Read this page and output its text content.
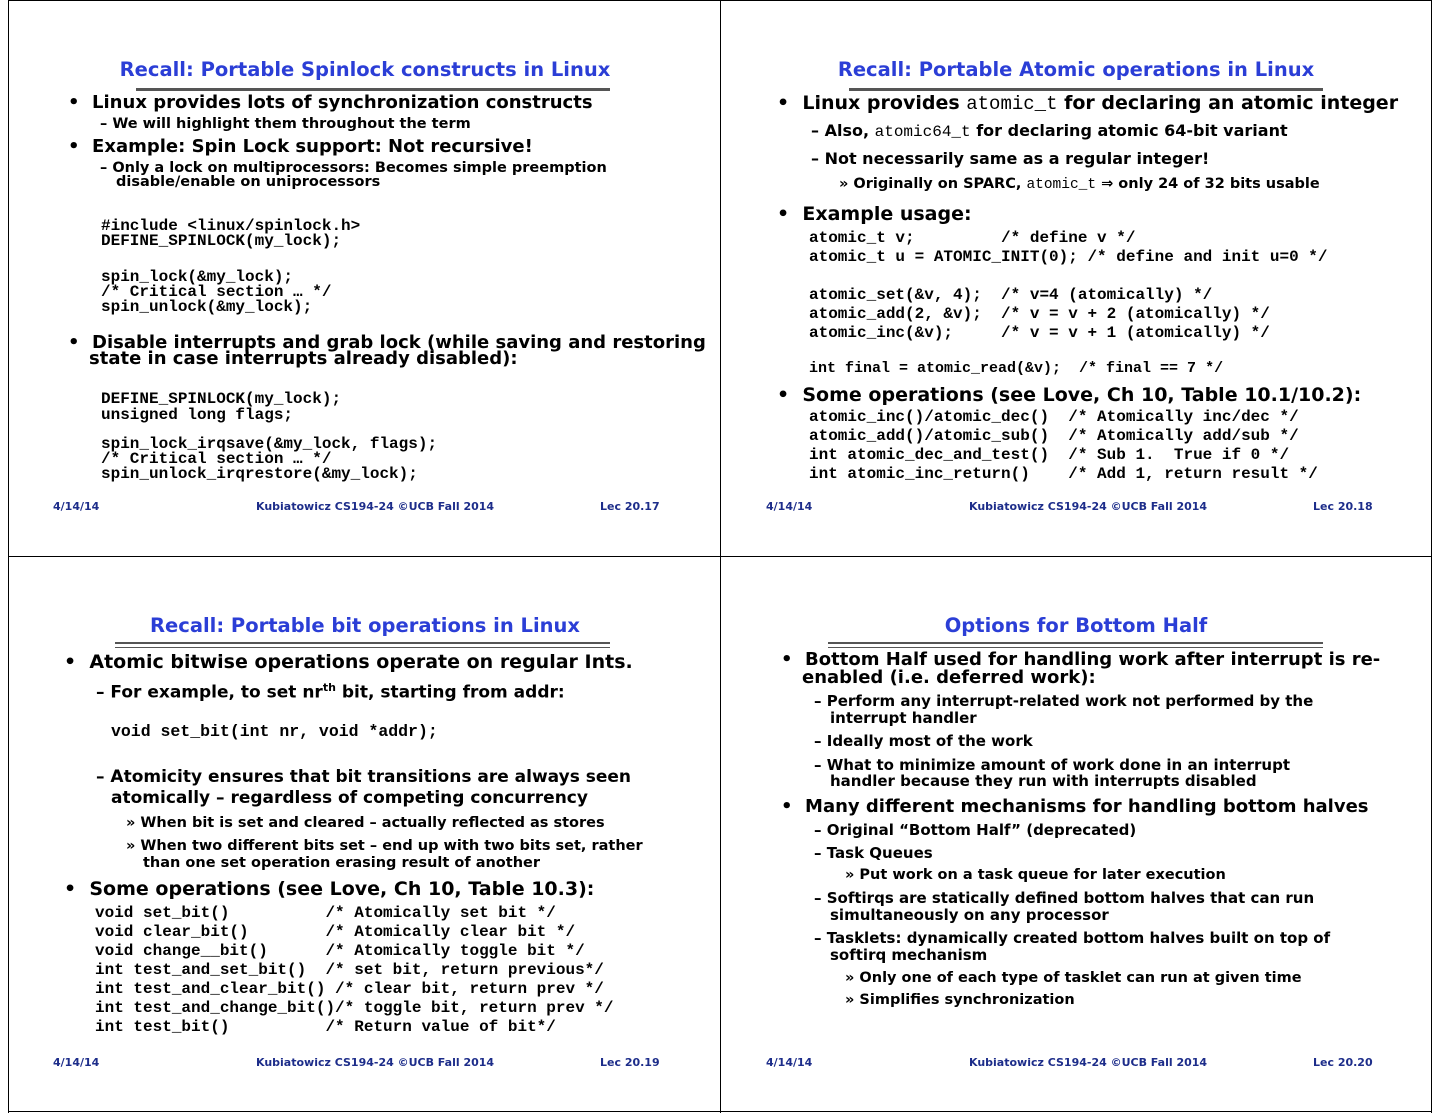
Recall: Portable Spinlock constructs in Linux
•  Linux provides lots of synchronization constructs
– We will highlight them throughout the term
•  Example: Spin Lock support: Not recursive!
– Only a lock on multiprocessors: Becomes simple preemption
disable/enable on uniprocessors
#include <linux/spinlock.h>
DEFINE_SPINLOCK(my_lock);
spin_lock(&my_lock);
/* Critical section … */
spin_unlock(&my_lock);
•  Disable interrupts and grab lock (while saving and restoring
state in case interrupts already disabled):
DEFINE_SPINLOCK(my_lock);
unsigned long flags;
spin_lock_irqsave(&my_lock, flags);
/* Critical section … */
spin_unlock_irqrestore(&my_lock);
4/14/14	Kubiatowicz CS194-24 ©UCB Fall 2014	Lec 20.17
Recall: Portable Atomic operations in Linux
•  Linux provides atomic_t for declaring an atomic integer
– Also, atomic64_t for declaring atomic 64-bit variant
– Not necessarily same as a regular integer!
» Originally on SPARC, atomic_t ⇒ only 24 of 32 bits usable
•  Example usage:
atomic_t v;         /* define v */
atomic_t u = ATOMIC_INIT(0); /* define and init u=0 */
atomic_set(&v, 4);  /* v=4 (atomically) */
atomic_add(2, &v);  /* v = v + 2 (atomically) */
atomic_inc(&v);     /* v = v + 1 (atomically) */
int final = atomic_read(&v);  /* final == 7 */
•  Some operations (see Love, Ch 10, Table 10.1/10.2):
atomic_inc()/atomic_dec()  /* Atomically inc/dec */
atomic_add()/atomic_sub()  /* Atomically add/sub */
int atomic_dec_and_test()  /* Sub 1.  True if 0 */
int atomic_inc_return()    /* Add 1, return result */
4/14/14	Kubiatowicz CS194-24 ©UCB Fall 2014	Lec 20.18
Recall: Portable bit operations in Linux
•  Atomic bitwise operations operate on regular Ints.
– For example, to set $nr^{th}$ bit, starting from addr:
void set_bit(int nr, void *addr);
– Atomicity ensures that bit transitions are always seen
atomically – regardless of competing concurrency
» When bit is set and cleared – actually reflected as stores
» When two different bits set – end up with two bits set, rather
than one set operation erasing result of another
•  Some operations (see Love, Ch 10, Table 10.3):
void set_bit()          /* Atomically set bit */
void clear_bit()        /* Atomically clear bit */
void change__bit()      /* Atomically toggle bit */
int test_and_set_bit()  /* set bit, return previous*/
int test_and_clear_bit() /* clear bit, return prev */
int test_and_change_bit()/* toggle bit, return prev */
int test_bit()          /* Return value of bit*/
4/14/14	Kubiatowicz CS194-24 ©UCB Fall 2014	Lec 20.19
Options for Bottom Half
•  Bottom Half used for handling work after interrupt is re-
enabled (i.e. deferred work):
– Perform any interrupt-related work not performed by the
interrupt handler
– Ideally most of the work
– What to minimize amount of work done in an interrupt
handler because they run with interrupts disabled
•  Many different mechanisms for handling bottom halves
– Original “Bottom Half” (deprecated)
– Task Queues
» Put work on a task queue for later execution
– Softirqs are statically defined bottom halves that can run
simultaneously on any processor
– Tasklets: dynamically created bottom halves built on top of
softirq mechanism
» Only one of each type of tasklet can run at given time
» Simplifies synchronization
4/14/14	Kubiatowicz CS194-24 ©UCB Fall 2014	Lec 20.20
